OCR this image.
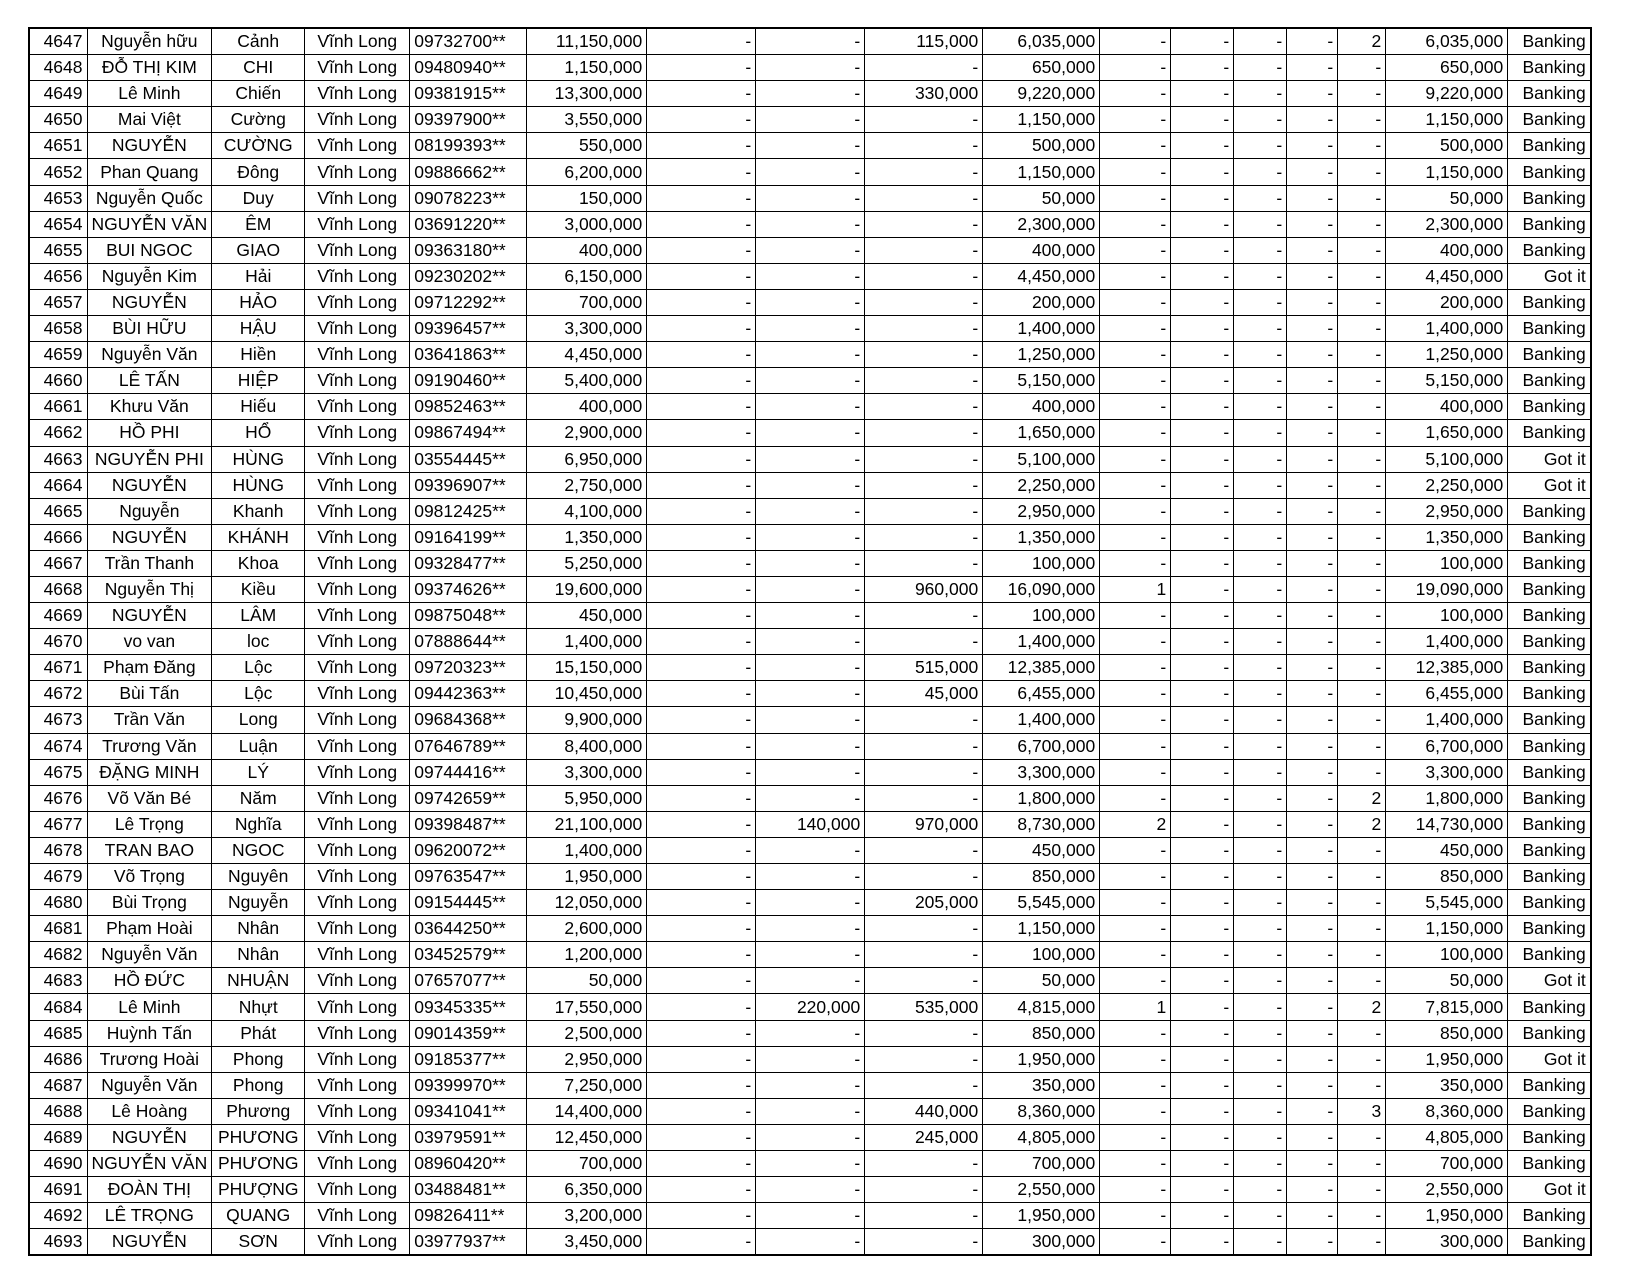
4647	Nguyễn hữu	Cảnh	Vĩnh Long	09732700**	11,150,000	-	-	115,000	6,035,000	-	-	-	-	2	6,035,000	Banking
4648	ĐỖ THỊ KIM	CHI	Vĩnh Long	09480940**	1,150,000	-	-	-	650,000	-	-	-	-	-	650,000	Banking
4649	Lê Minh	Chiến	Vĩnh Long	09381915**	13,300,000	-	-	330,000	9,220,000	-	-	-	-	-	9,220,000	Banking
4650	Mai Việt	Cường	Vĩnh Long	09397900**	3,550,000	-	-	-	1,150,000	-	-	-	-	-	1,150,000	Banking
4651	NGUYỄN	CƯỜNG	Vĩnh Long	08199393**	550,000	-	-	-	500,000	-	-	-	-	-	500,000	Banking
4652	Phan Quang	Đông	Vĩnh Long	09886662**	6,200,000	-	-	-	1,150,000	-	-	-	-	-	1,150,000	Banking
4653	Nguyễn Quốc	Duy	Vĩnh Long	09078223**	150,000	-	-	-	50,000	-	-	-	-	-	50,000	Banking
4654	NGUYỄN VĂN	ÊM	Vĩnh Long	03691220**	3,000,000	-	-	-	2,300,000	-	-	-	-	-	2,300,000	Banking
4655	BUI NGOC	GIAO	Vĩnh Long	09363180**	400,000	-	-	-	400,000	-	-	-	-	-	400,000	Banking
4656	Nguyễn Kim	Hải	Vĩnh Long	09230202**	6,150,000	-	-	-	4,450,000	-	-	-	-	-	4,450,000	Got it
4657	NGUYỄN	HẢO	Vĩnh Long	09712292**	700,000	-	-	-	200,000	-	-	-	-	-	200,000	Banking
4658	BÙI HỮU	HẬU	Vĩnh Long	09396457**	3,300,000	-	-	-	1,400,000	-	-	-	-	-	1,400,000	Banking
4659	Nguyễn Văn	Hiền	Vĩnh Long	03641863**	4,450,000	-	-	-	1,250,000	-	-	-	-	-	1,250,000	Banking
4660	LÊ TẤN	HIỆP	Vĩnh Long	09190460**	5,400,000	-	-	-	5,150,000	-	-	-	-	-	5,150,000	Banking
4661	Khưu Văn	Hiếu	Vĩnh Long	09852463**	400,000	-	-	-	400,000	-	-	-	-	-	400,000	Banking
4662	HỒ PHI	HỔ	Vĩnh Long	09867494**	2,900,000	-	-	-	1,650,000	-	-	-	-	-	1,650,000	Banking
4663	NGUYỄN PHI	HÙNG	Vĩnh Long	03554445**	6,950,000	-	-	-	5,100,000	-	-	-	-	-	5,100,000	Got it
4664	NGUYỄN	HÙNG	Vĩnh Long	09396907**	2,750,000	-	-	-	2,250,000	-	-	-	-	-	2,250,000	Got it
4665	Nguyễn	Khanh	Vĩnh Long	09812425**	4,100,000	-	-	-	2,950,000	-	-	-	-	-	2,950,000	Banking
4666	NGUYỄN	KHÁNH	Vĩnh Long	09164199**	1,350,000	-	-	-	1,350,000	-	-	-	-	-	1,350,000	Banking
4667	Trần Thanh	Khoa	Vĩnh Long	09328477**	5,250,000	-	-	-	100,000	-	-	-	-	-	100,000	Banking
4668	Nguyễn Thị	Kiều	Vĩnh Long	09374626**	19,600,000	-	-	960,000	16,090,000	1	-	-	-	-	19,090,000	Banking
4669	NGUYỄN	LÂM	Vĩnh Long	09875048**	450,000	-	-	-	100,000	-	-	-	-	-	100,000	Banking
4670	vo van	loc	Vĩnh Long	07888644**	1,400,000	-	-	-	1,400,000	-	-	-	-	-	1,400,000	Banking
4671	Phạm Đăng	Lộc	Vĩnh Long	09720323**	15,150,000	-	-	515,000	12,385,000	-	-	-	-	-	12,385,000	Banking
4672	Bùi Tấn	Lộc	Vĩnh Long	09442363**	10,450,000	-	-	45,000	6,455,000	-	-	-	-	-	6,455,000	Banking
4673	Trần Văn	Long	Vĩnh Long	09684368**	9,900,000	-	-	-	1,400,000	-	-	-	-	-	1,400,000	Banking
4674	Trương Văn	Luận	Vĩnh Long	07646789**	8,400,000	-	-	-	6,700,000	-	-	-	-	-	6,700,000	Banking
4675	ĐẶNG MINH	LÝ	Vĩnh Long	09744416**	3,300,000	-	-	-	3,300,000	-	-	-	-	-	3,300,000	Banking
4676	Võ Văn Bé	Năm	Vĩnh Long	09742659**	5,950,000	-	-	-	1,800,000	-	-	-	-	2	1,800,000	Banking
4677	Lê Trọng	Nghĩa	Vĩnh Long	09398487**	21,100,000	-	140,000	970,000	8,730,000	2	-	-	-	2	14,730,000	Banking
4678	TRAN BAO	NGOC	Vĩnh Long	09620072**	1,400,000	-	-	-	450,000	-	-	-	-	-	450,000	Banking
4679	Võ Trọng	Nguyên	Vĩnh Long	09763547**	1,950,000	-	-	-	850,000	-	-	-	-	-	850,000	Banking
4680	Bùi Trọng	Nguyễn	Vĩnh Long	09154445**	12,050,000	-	-	205,000	5,545,000	-	-	-	-	-	5,545,000	Banking
4681	Phạm Hoài	Nhân	Vĩnh Long	03644250**	2,600,000	-	-	-	1,150,000	-	-	-	-	-	1,150,000	Banking
4682	Nguyễn Văn	Nhân	Vĩnh Long	03452579**	1,200,000	-	-	-	100,000	-	-	-	-	-	100,000	Banking
4683	HỒ ĐỨC	NHUẬN	Vĩnh Long	07657077**	50,000	-	-	-	50,000	-	-	-	-	-	50,000	Got it
4684	Lê Minh	Nhựt	Vĩnh Long	09345335**	17,550,000	-	220,000	535,000	4,815,000	1	-	-	-	2	7,815,000	Banking
4685	Huỳnh Tấn	Phát	Vĩnh Long	09014359**	2,500,000	-	-	-	850,000	-	-	-	-	-	850,000	Banking
4686	Trương Hoài	Phong	Vĩnh Long	09185377**	2,950,000	-	-	-	1,950,000	-	-	-	-	-	1,950,000	Got it
4687	Nguyễn Văn	Phong	Vĩnh Long	09399970**	7,250,000	-	-	-	350,000	-	-	-	-	-	350,000	Banking
4688	Lê Hoàng	Phương	Vĩnh Long	09341041**	14,400,000	-	-	440,000	8,360,000	-	-	-	-	3	8,360,000	Banking
4689	NGUYỄN	PHƯƠNG	Vĩnh Long	03979591**	12,450,000	-	-	245,000	4,805,000	-	-	-	-	-	4,805,000	Banking
4690	NGUYỄN VĂN	PHƯƠNG	Vĩnh Long	08960420**	700,000	-	-	-	700,000	-	-	-	-	-	700,000	Banking
4691	ĐOÀN THỊ	PHƯỢNG	Vĩnh Long	03488481**	6,350,000	-	-	-	2,550,000	-	-	-	-	-	2,550,000	Got it
4692	LÊ TRỌNG	QUANG	Vĩnh Long	09826411**	3,200,000	-	-	-	1,950,000	-	-	-	-	-	1,950,000	Banking
4693	NGUYỄN	SƠN	Vĩnh Long	03977937**	3,450,000	-	-	-	300,000	-	-	-	-	-	300,000	Banking
